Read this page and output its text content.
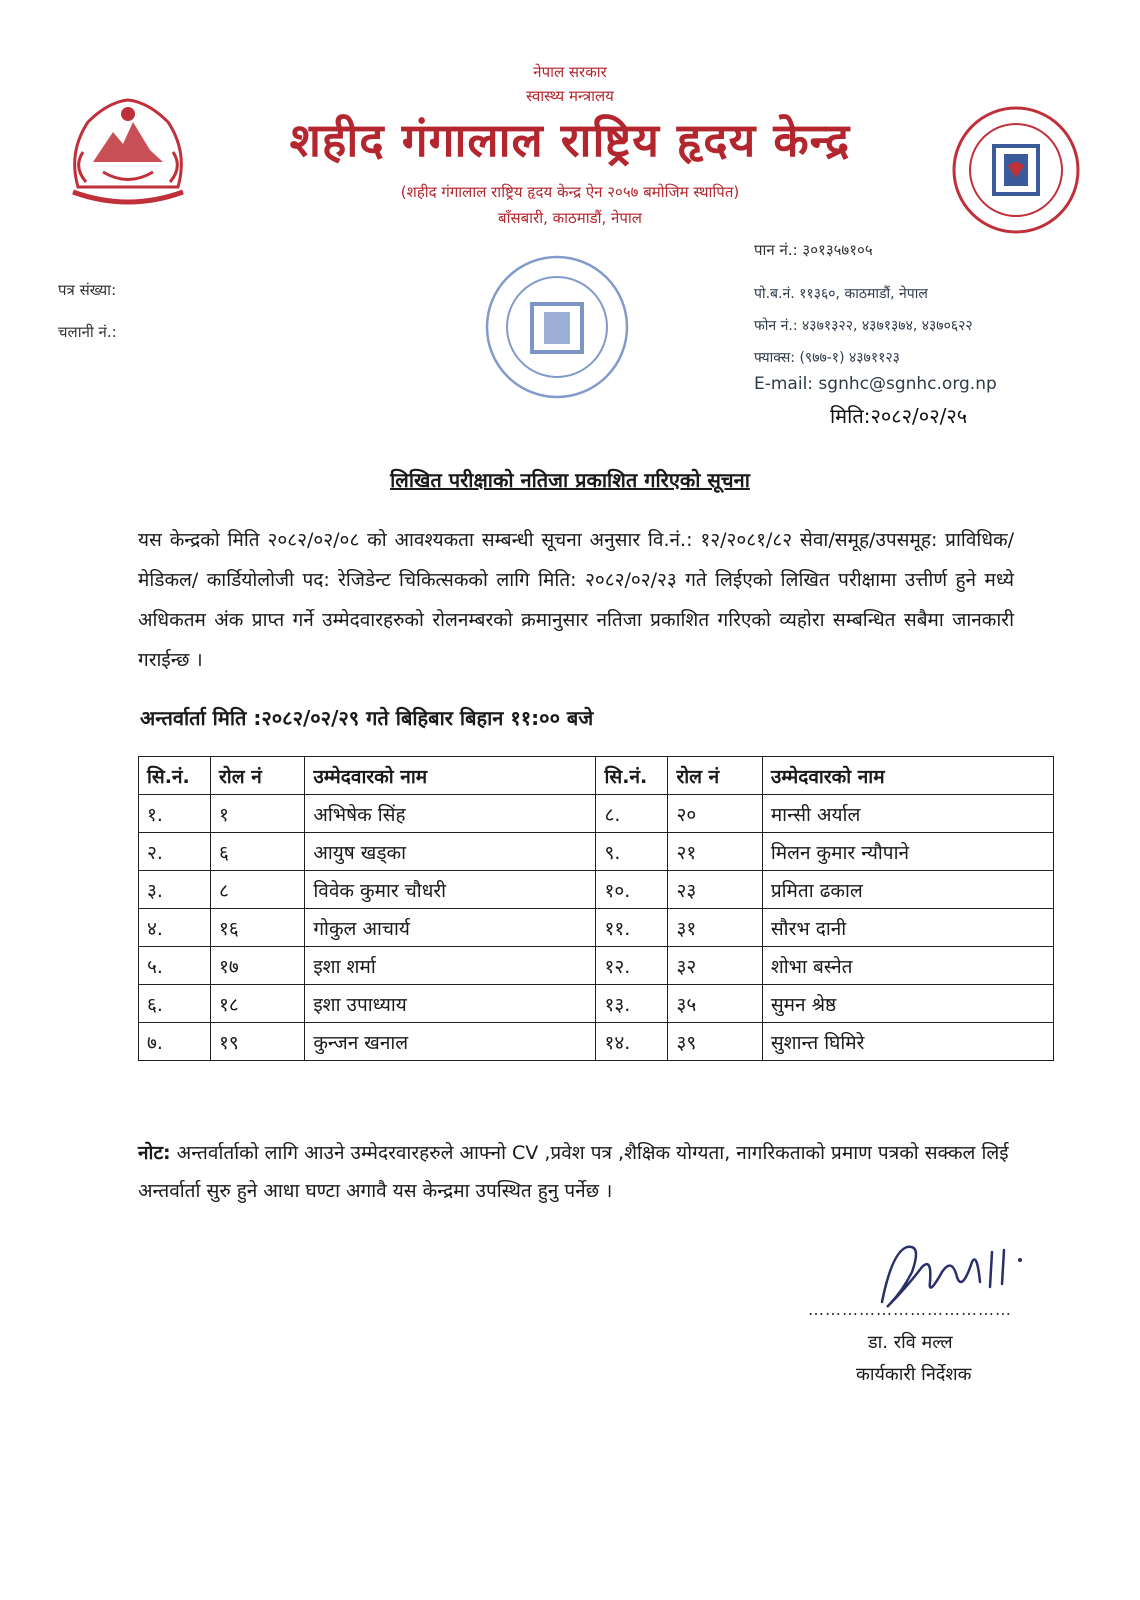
नेपाल सरकार
स्वास्थ्य मन्त्रालय
शहीद गंगालाल राष्ट्रिय हृदय केन्द्र
(शहीद गंगालाल राष्ट्रिय हृदय केन्द्र ऐन २०५७ बमोजिम स्थापित)
बाँसबारी, काठमाडौं, नेपाल
पान नं.: ३०१३५७१०५
पो.ब.नं. ११३६०, काठमाडौं, नेपाल
फोन नं.: ४३७१३२२, ४३७१३७४, ४३७०६२२
फ्याक्स: (९७७-१) ४३७११२३
E-mail: sgnhc@sgnhc.org.np
मिति:२०८२/०२/२५
पत्र संख्या:
चलानी नं.:
लिखित परीक्षाको नतिजा प्रकाशित गरिएको सूचना
यस केन्द्रको मिति २०८२/०२/०८ को आवश्यकता सम्बन्धी सूचना अनुसार वि.नं.: १२/२०८१/८२ सेवा/समूह/उपसमूह: प्राविधिक/मेडिकल/ कार्डियोलोजी पद: रेजिडेन्ट चिकित्सकको लागि मिति: २०८२/०२/२३ गते लिईएको लिखित परीक्षामा उत्तीर्ण हुने मध्ये अधिकतम अंक प्राप्त गर्ने उम्मेदवारहरुको रोलनम्बरको क्रमानुसार नतिजा प्रकाशित गरिएको व्यहोरा सम्बन्धित सबैमा जानकारी गराईन्छ ।
अन्तर्वार्ता मिति :२०८२/०२/२९ गते बिहिबार बिहान ११:०० बजे
सि.नं.	रोल नं	उम्मेदवारको नाम	सि.नं.	रोल नं	उम्मेदवारको नाम
१.	१	अभिषेक सिंह	८.	२०	मान्सी अर्याल
२.	६	आयुष खड्का	९.	२१	मिलन कुमार न्यौपाने
३.	८	विवेक कुमार चौधरी	१०.	२३	प्रमिता ढकाल
४.	१६	गोकुल आचार्य	११.	३१	सौरभ दानी
५.	१७	इशा शर्मा	१२.	३२	शोभा बस्नेत
६.	१८	इशा उपाध्याय	१३.	३५	सुमन श्रेष्ठ
७.	१९	कुन्जन खनाल	१४.	३९	सुशान्त घिमिरे
नोट: अन्तर्वार्ताको लागि आउने उम्मेदरवारहरुले आफ्नो CV ,प्रवेश पत्र ,शैक्षिक योग्यता, नागरिकताको प्रमाण पत्रको सक्कल लिई अन्तर्वार्ता सुरु हुने आधा घण्टा अगावै यस केन्द्रमा उपस्थित हुनु पर्नेछ ।
………………………………
डा. रवि मल्ल
कार्यकारी निर्देशक
